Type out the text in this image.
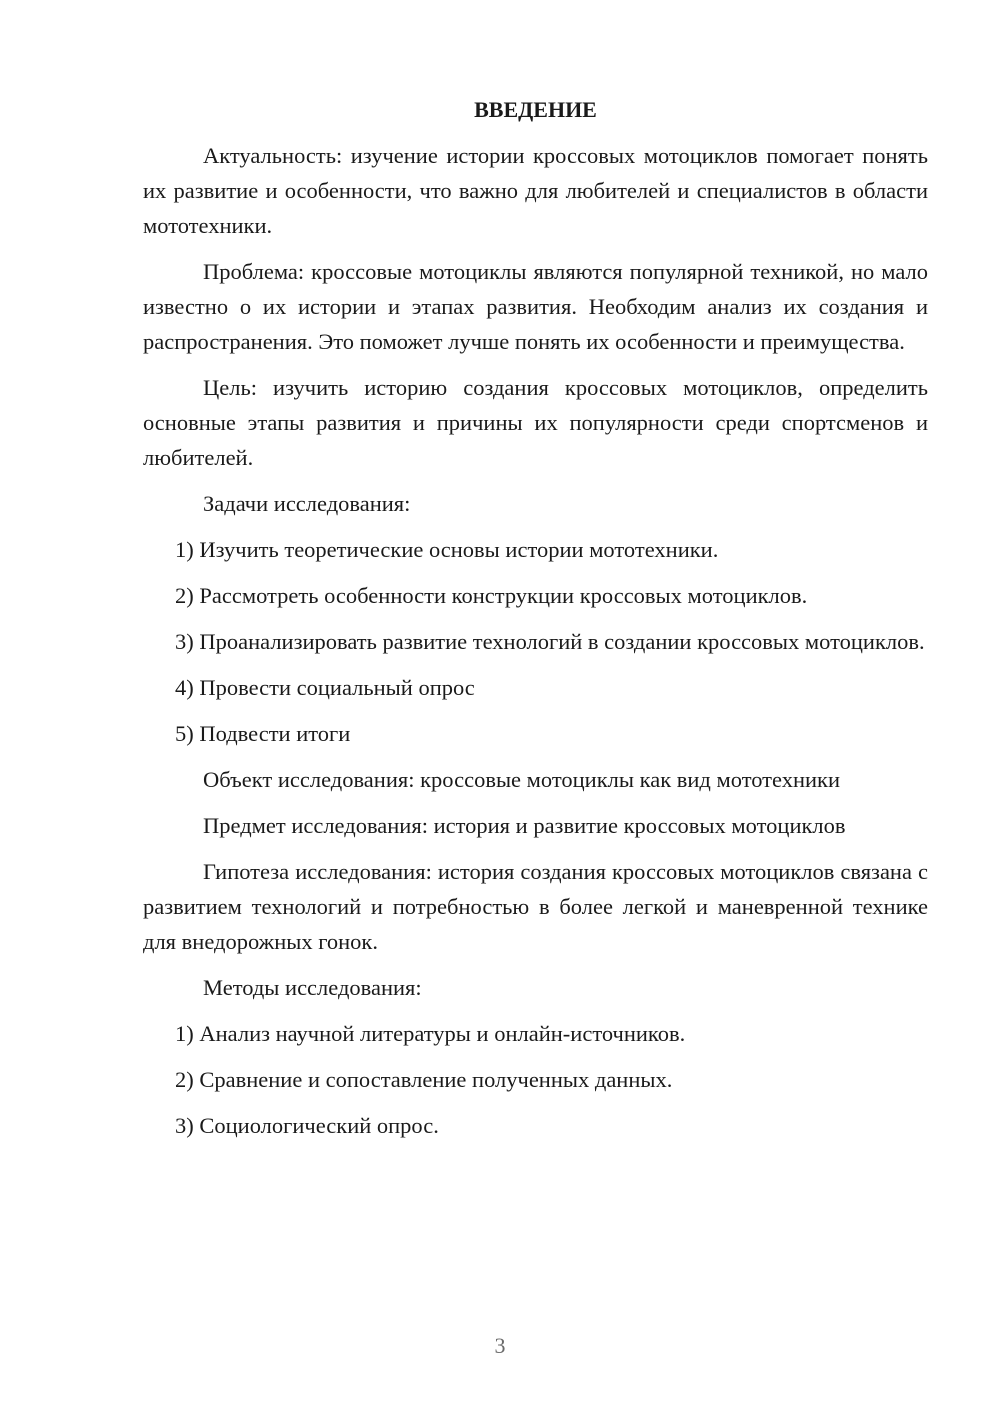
ВВЕДЕНИЕ
Актуальность: изучение истории кроссовых мотоциклов помогает понять их развитие и особенности, что важно для любителей и специалистов в области мототехники.
Проблема: кроссовые мотоциклы являются популярной техникой, но мало известно о их истории и этапах развития. Необходим анализ их создания и распространения. Это поможет лучше понять их особенности и преимущества.
Цель: изучить историю создания кроссовых мотоциклов, определить основные этапы развития и причины их популярности среди спортсменов и любителей.
Задачи исследования:
1) Изучить теоретические основы истории мототехники.
2) Рассмотреть особенности конструкции кроссовых мотоциклов.
3) Проанализировать развитие технологий в создании кроссовых мотоциклов.
4) Провести социальный опрос
5) Подвести итоги
Объект исследования: кроссовые мотоциклы как вид мототехники
Предмет исследования: история и развитие кроссовых мотоциклов
Гипотеза исследования: история создания кроссовых мотоциклов связана с развитием технологий и потребностью в более легкой и маневренной технике для внедорожных гонок.
Методы исследования:
1) Анализ научной литературы и онлайн-источников.
2) Сравнение и сопоставление полученных данных.
3) Социологический опрос.
3
